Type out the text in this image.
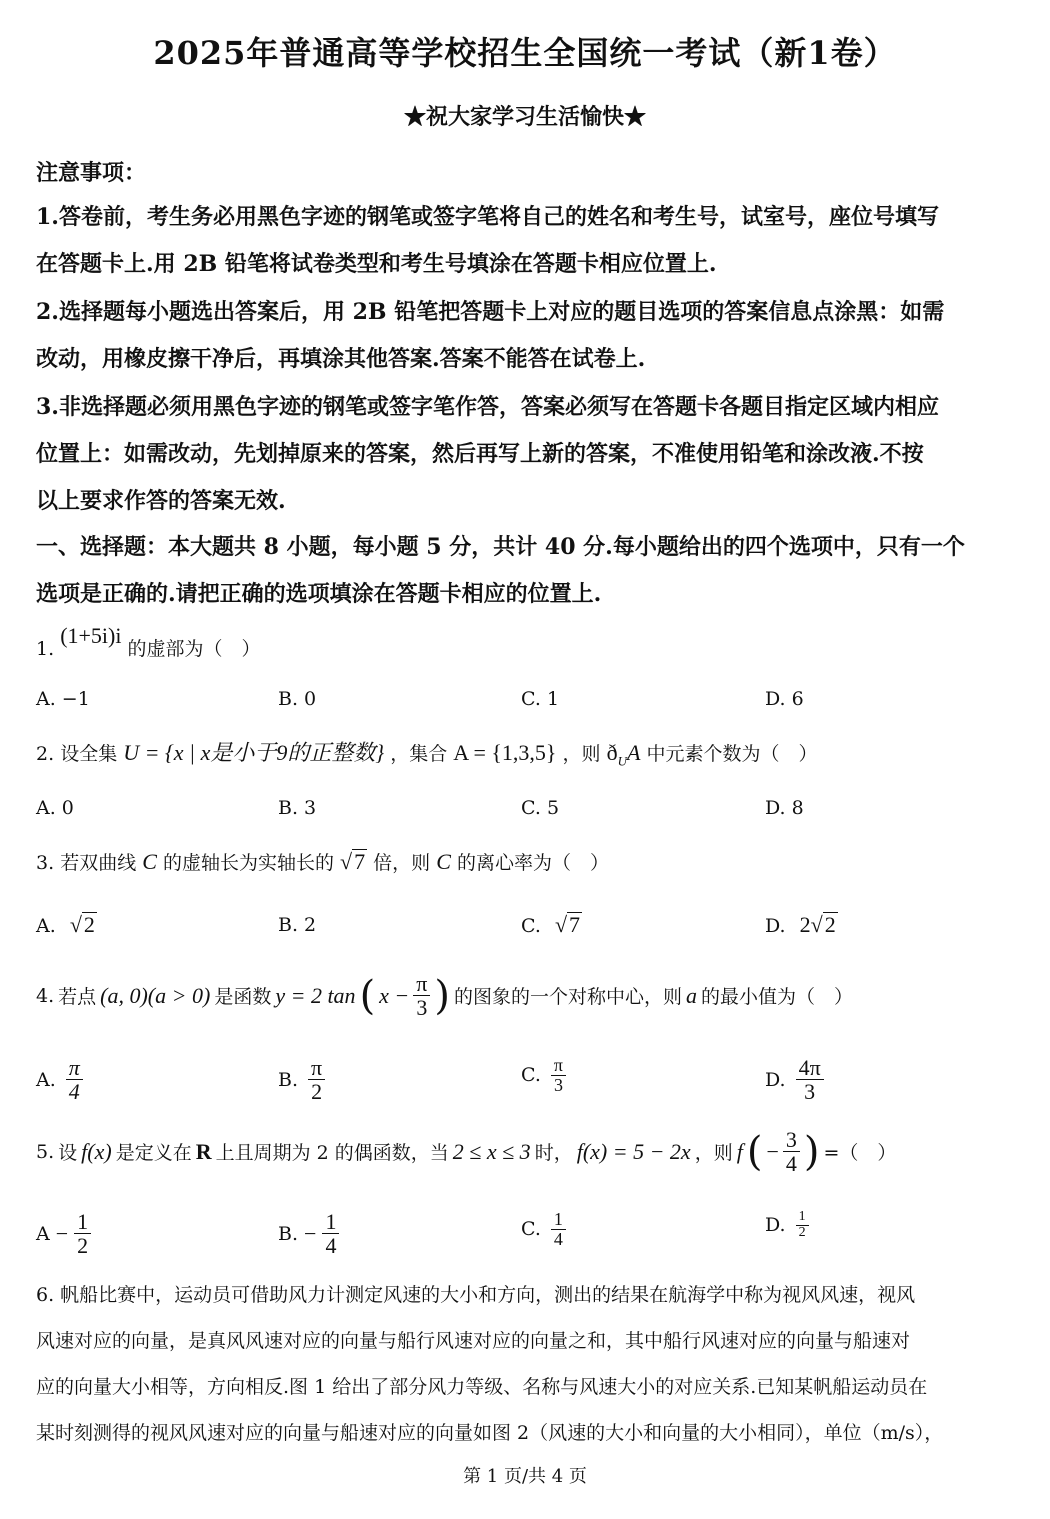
2025年普通高等学校招生全国统一考试（新1卷）
★祝大家学习生活愉快★
注意事项：
1.答卷前，考生务必用黑色字迹的钢笔或签字笔将自己的姓名和考生号，试室号，座位号填写
在答题卡上.用 2B 铅笔将试卷类型和考生号填涂在答题卡相应位置上.
2.选择题每小题选出答案后，用 2B 铅笔把答题卡上对应的题目选项的答案信息点涂黑：如需
改动，用橡皮擦干净后，再填涂其他答案.答案不能答在试卷上.
3.非选择题必须用黑色字迹的钢笔或签字笔作答，答案必须写在答题卡各题目指定区域内相应
位置上：如需改动，先划掉原来的答案，然后再写上新的答案，不准使用铅笔和涂改液.不按
以上要求作答的答案无效.
一、选择题：本大题共 8 小题，每小题 5 分，共计 40 分.每小题给出的四个选项中，只有一个
选项是正确的.请把正确的选项填涂在答题卡相应的位置上.
1. (1+5i)i 的虚部为（　）
A. −1	B. 0	C. 1	D. 6
2. 设全集 U = {x | x是小于9的正整数} ，集合 A = {1,3,5} ，则 $ð_UA$ 中元素个数为（　）
A. 0	B. 3	C. 5	D. 8
3. 若双曲线 C 的虚轴长为实轴长的 √7 倍，则 C 的离心率为（　）
A. √2	B. 2	C. √7	D. 2√2
4. 若点 (a, 0)(a > 0) 是函数 y = 2 tan ( $x - \frac{\pi}{3}$ ) 的图象的一个对称中心，则 a 的最小值为（　）
A. $\frac{\pi}{4}$	B. $\frac{\pi}{2}$	C. $\frac{\pi}{3}$	D. $\frac{4\pi}{3}$
5. 设 f(x) 是定义在 R 上且周期为 2 的偶函数，当 2 ≤ x ≤ 3 时， f(x) = 5 − 2x ，则 f ( − $\frac{3}{4}$ ) =（　）
$A - \frac{1}{2}$	B. − $\frac{1}{4}$	C. $\frac{1}{4}$	D. $\frac{1}{2}$
6. 帆船比赛中，运动员可借助风力计测定风速的大小和方向，测出的结果在航海学中称为视风风速，视风
风速对应的向量，是真风风速对应的向量与船行风速对应的向量之和，其中船行风速对应的向量与船速对
应的向量大小相等，方向相反.图 1 给出了部分风力等级、名称与风速大小的对应关系.已知某帆船运动员在
某时刻测得的视风风速对应的向量与船速对应的向量如图 2（风速的大小和向量的大小相同），单位（m/s），
第 1 页/共 4 页
